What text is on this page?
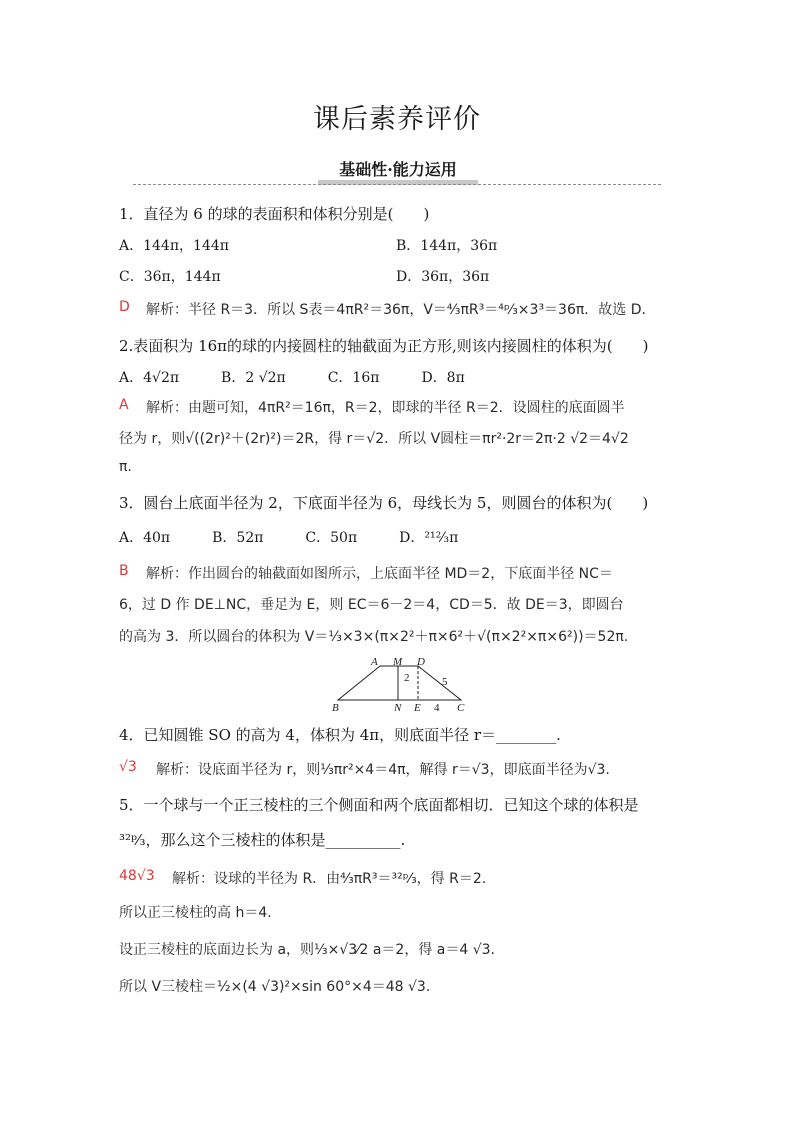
课后素养评价
基础性·能力运用
1．直径为 6 的球的表面积和体积分别是(　　)
A．144π，144π	B．144π，36π
C．36π，144π	D．36π，36π
D 解析：半径 R＝3．所以 S表＝4πR²＝36π，V＝⁴⁄₃πR³＝⁴ᵖ⁄₃×3³＝36π．故选 D．
2.表面积为 16π的球的内接圆柱的轴截面为正方形,则该内接圆柱的体积为(　　)
A．4√2π　　　B．2 √2π　　　C．16π　　　D．8π
A 解析：由题可知，4πR²＝16π，R＝2，即球的半径 R＝2．设圆柱的底面圆半
径为 r，则√((2r)²＋(2r)²)＝2R，得 r＝√2．所以 V圆柱＝πr²·2r＝2π·2 √2＝4√2
π.
3．圆台上底面半径为 2，下底面半径为 6，母线长为 5，则圆台的体积为(　　)
A．40π　　　B．52π　　　C．50π　　　D．²¹²⁄₃π
B 解析：作出圆台的轴截面如图所示，上底面半径 MD＝2，下底面半径 NC＝
6，过 D 作 DE⊥NC，垂足为 E，则 EC＝6－2＝4，CD＝5．故 DE＝3，即圆台
的高为 3．所以圆台的体积为 V＝⅓×3×(π×2²＋π×6²＋√(π×2²×π×6²))＝52π.
A M D
B	N E	C
2
4
5
4．已知圆锥 SO 的高为 4，体积为 4π，则底面半径 r＝________.
√3 解析：设底面半径为 r，则⅓πr²×4＝4π，解得 r＝√3，即底面半径为√3.
5．一个球与一个正三棱柱的三个侧面和两个底面都相切．已知这个球的体积是
³²ᵖ⁄₃，那么这个三棱柱的体积是__________.
48√3 解析：设球的半径为 R．由⁴⁄₃πR³＝³²ᵖ⁄₃，得 R＝2.
所以正三棱柱的高 h＝4.
设正三棱柱的底面边长为 a，则⅓×√3⁄2 a＝2，得 a＝4 √3.
所以 V三棱柱＝½×(4 √3)²×sin 60°×4＝48 √3.
